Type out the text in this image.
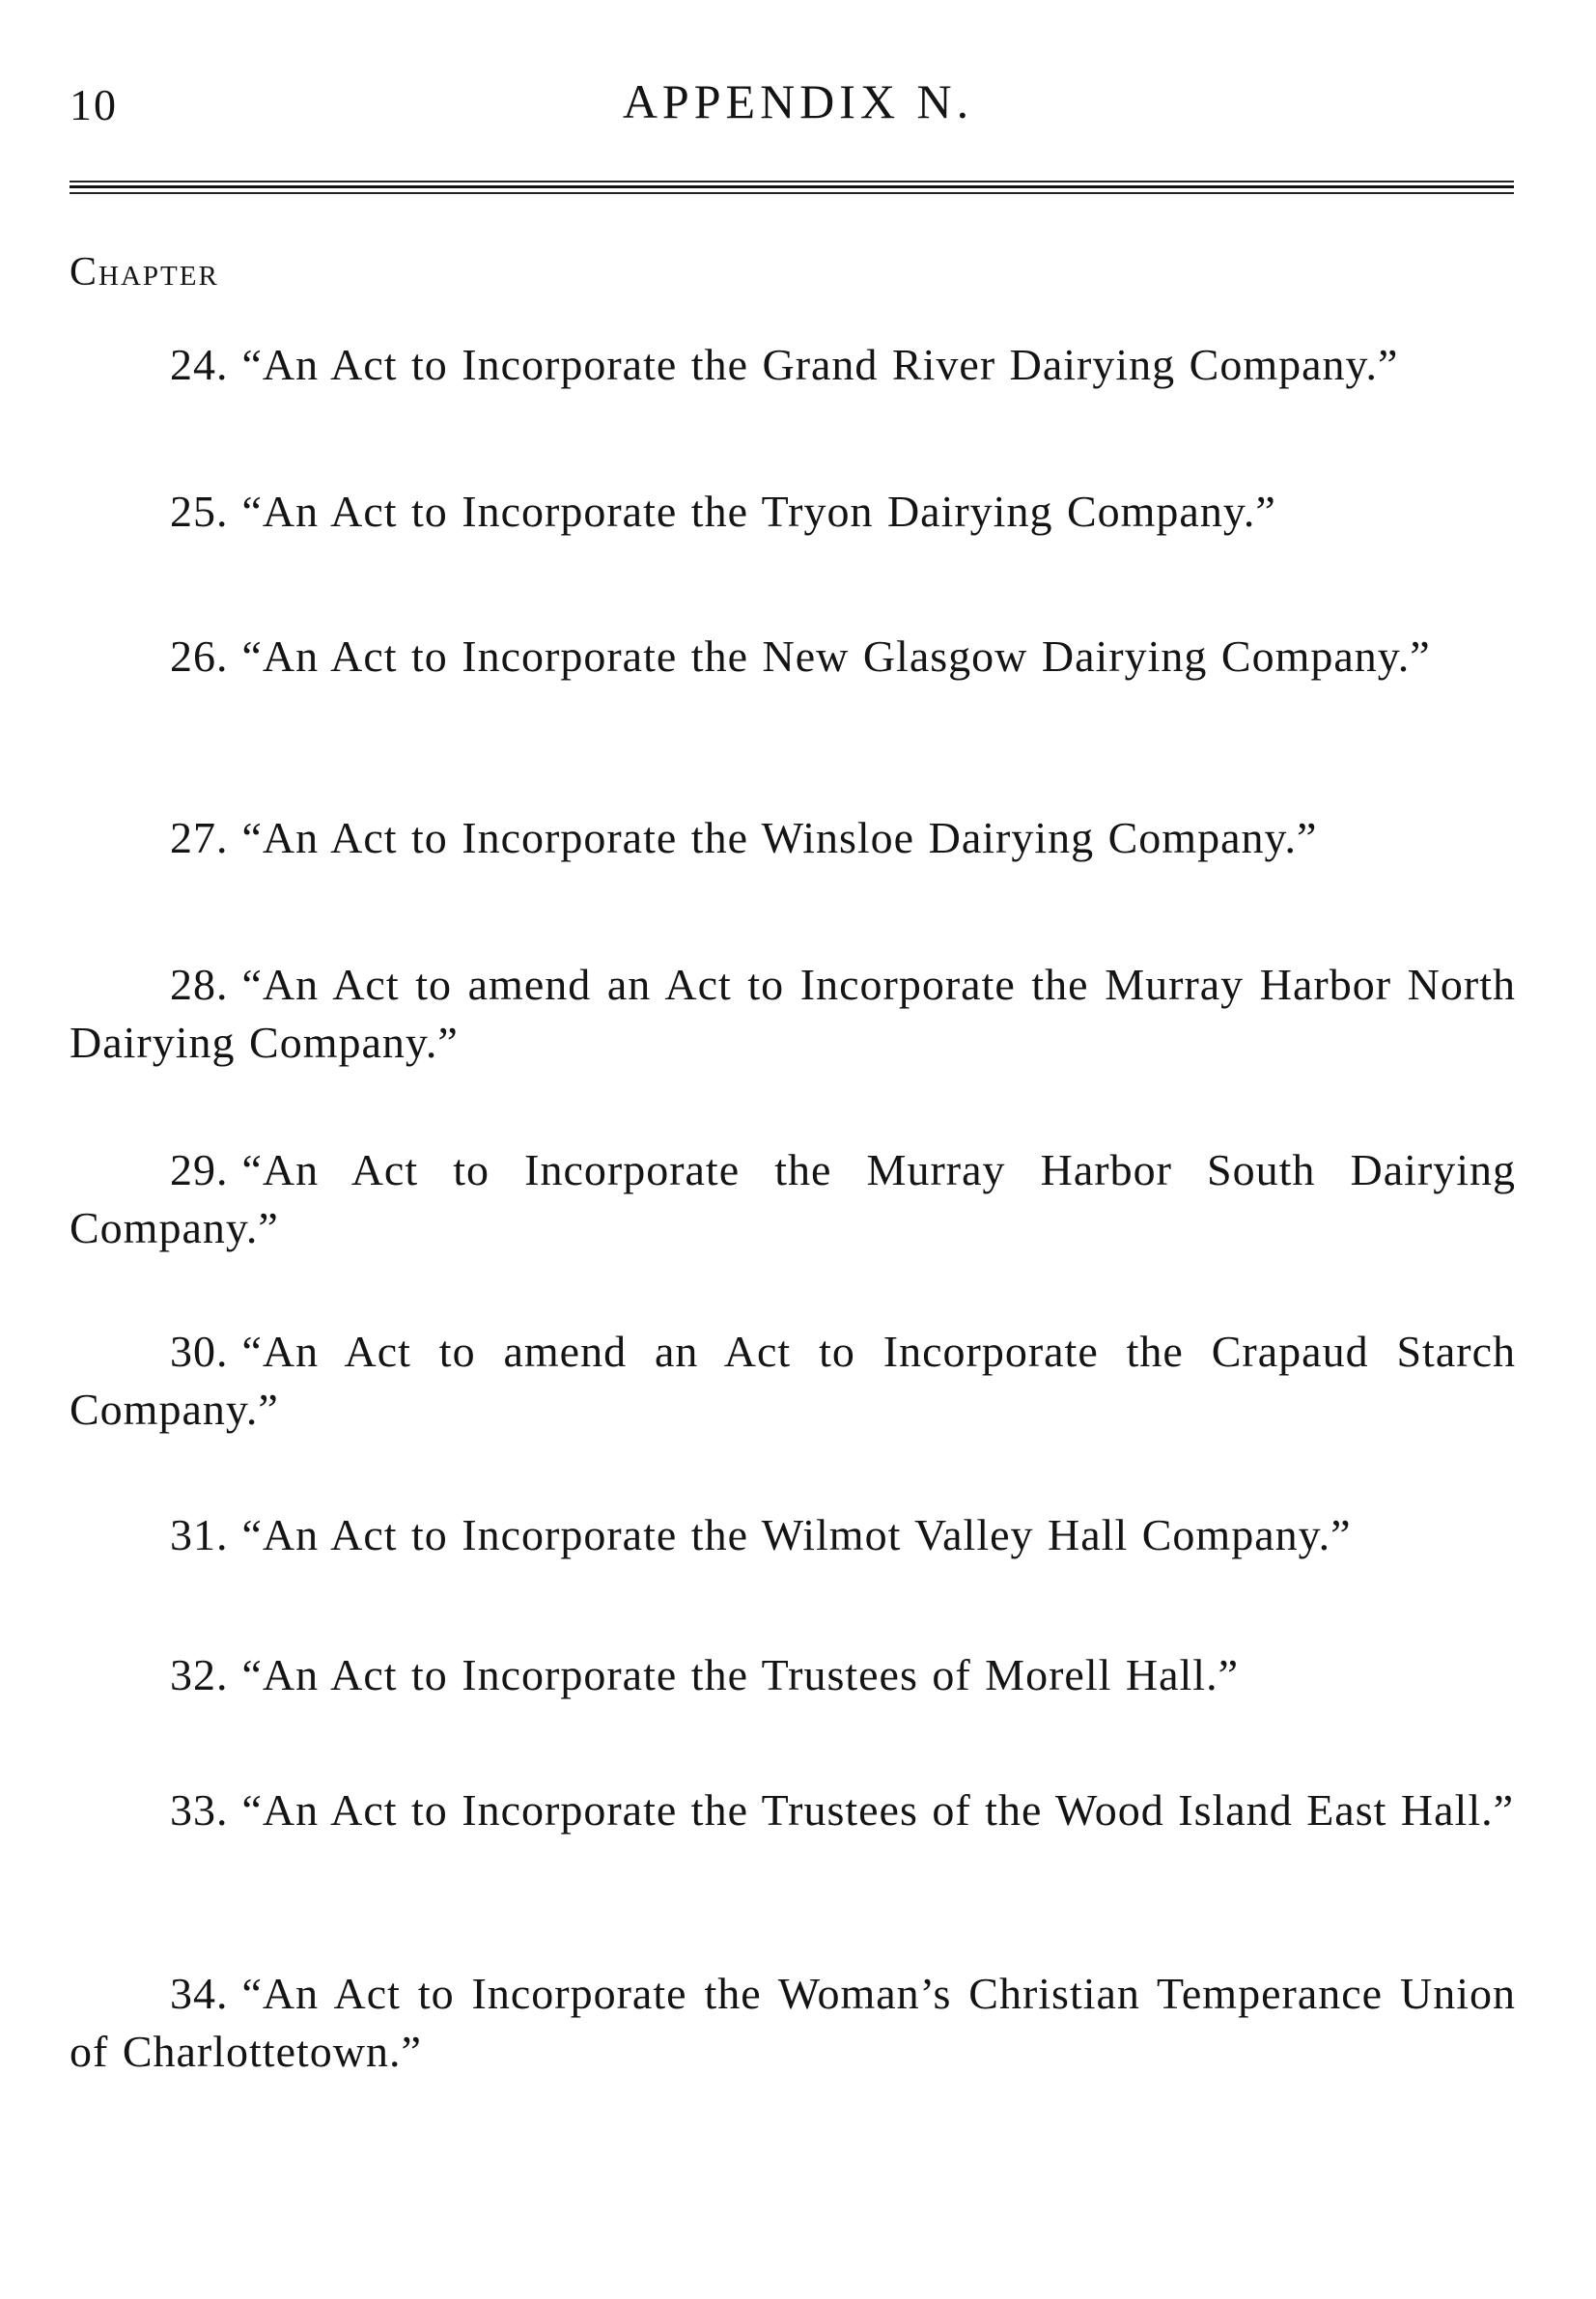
10	APPENDIX N.
Chapter

24. “An Act to Incorporate the Grand River Dairying Company.”

25. “An Act to Incorporate the Tryon Dairying Company.”

26. “An Act to Incorporate the New Glasgow Dairying Company.”

27. “An Act to Incorporate the Winsloe Dairying Company.”

28. “An Act to amend an Act to Incorporate the Murray Harbor North Dairying Company.”

29. “An Act to Incorporate the Murray Harbor South Dairying Company.”

30. “An Act to amend an Act to Incorporate the Crapaud Starch Company.”

31. “An Act to Incorporate the Wilmot Valley Hall Company.”

32. “An Act to Incorporate the Trustees of Morell Hall.”

33. “An Act to Incorporate the Trustees of the Wood Island East Hall.”

34. “An Act to Incorporate the Woman’s Christian Temperance Union of Charlottetown.”
